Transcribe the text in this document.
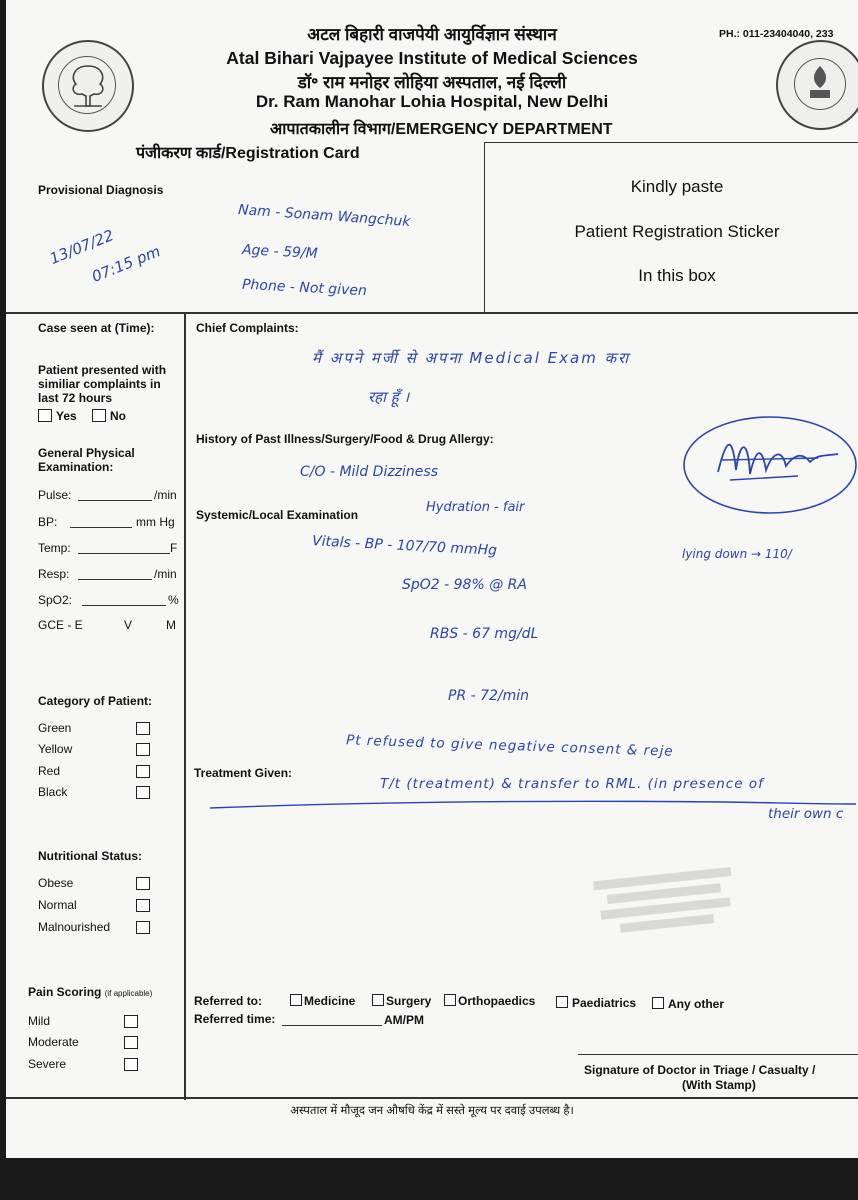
PH.: 011-23404040, 233
अटल बिहारी वाजपेयी आयुर्विज्ञान संस्थान
Atal Bihari Vajpayee Institute of Medical Sciences
डॉ॰ राम मनोहर लोहिया अस्पताल, नई दिल्ली
Dr. Ram Manohar Lohia Hospital, New Delhi
आपातकालीन विभाग/EMERGENCY DEPARTMENT
पंजीकरण कार्ड/Registration Card
Kindly paste
Patient Registration Sticker
In this box
Provisional Diagnosis
13/07/22
07:15 pm
Nam - Sonam Wangchuk
Age - 59/M
Phone - Not given
Case seen at (Time):
Patient presented with similiar complaints in last 72 hours
Yes	No
General Physical Examination:
Pulse:	/min
BP:	mm Hg
Temp:	F
Resp:	/min
SpO2:	%
GCE - E	V	M
Category of Patient:
Green
Yellow
Red
Black
Nutritional Status:
Obese
Normal
Malnourished
Pain Scoring (if applicable)
Mild
Moderate
Severe
Chief Complaints:
मैं अपने मर्जी से अपना Medical Exam करा
रहा हूँ ।
History of Past Illness/Surgery/Food & Drug Allergy:
C/O - Mild Dizziness
Systemic/Local Examination	Hydration - fair
Vitals - BP - 107/70 mmHg	lying down → 110/
SpO2 - 98% @ RA
RBS - 67 mg/dL
PR - 72/min
Treatment Given:
Pt refused to give negative consent & reje
T/t (treatment) & transfer to RML. (in presence of
their own c
Referred to:	Medicine	Surgery Orthopaedics	Paediatrics	Any other
Referred time:	AM/PM
Signature of Doctor in Triage / Casualty /
(With Stamp)
अस्पताल में मौजूद जन औषधि केंद्र में सस्ते मूल्य पर दवाई उपलब्ध है।
